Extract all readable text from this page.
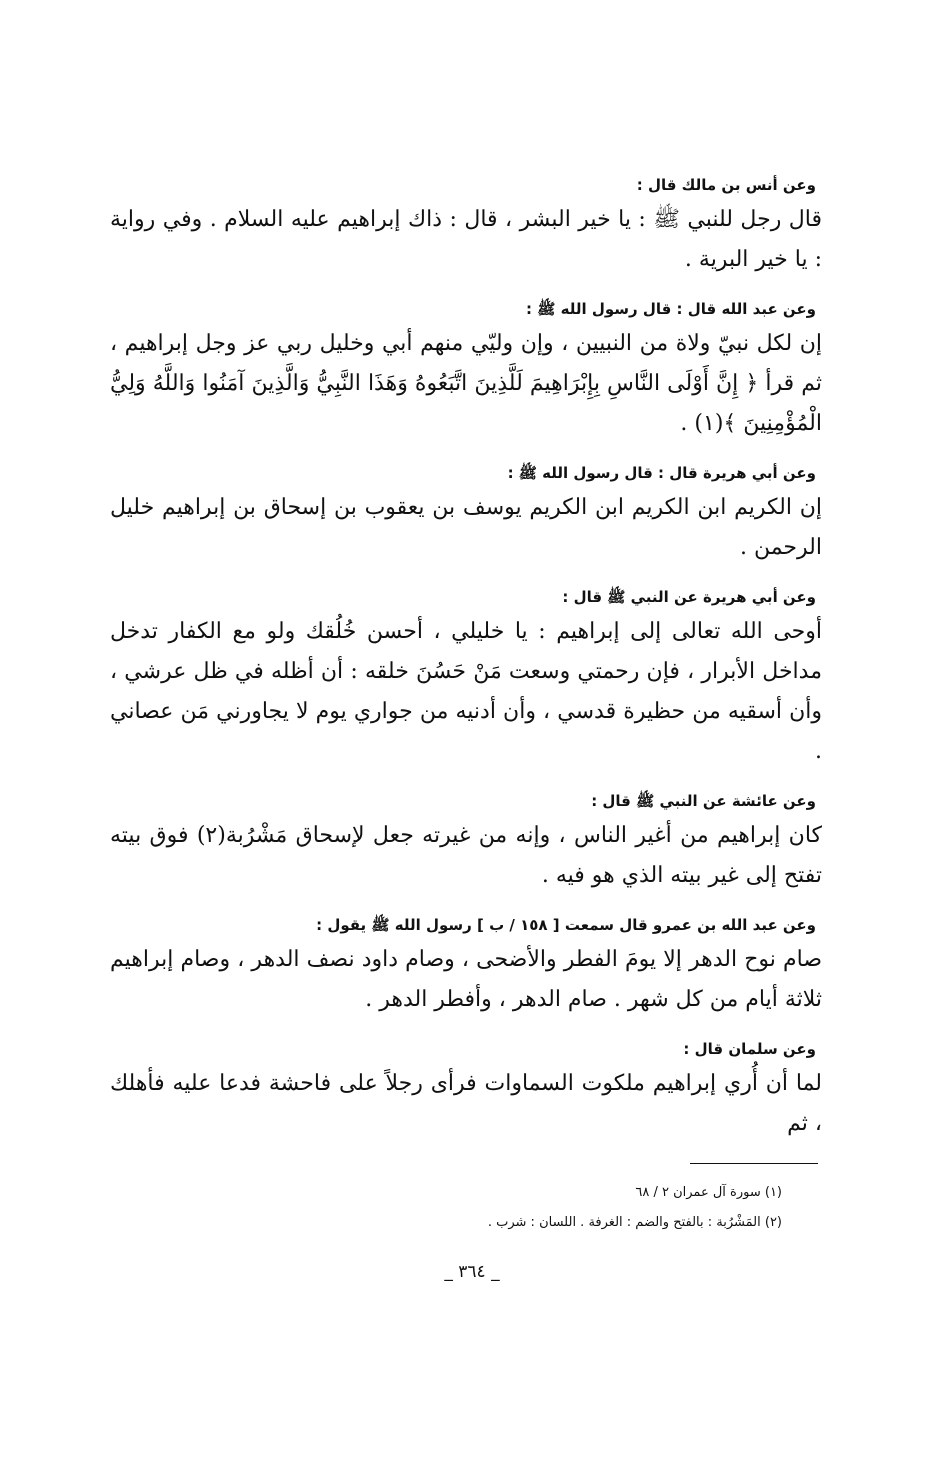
وعن أنس بن مالك قال :

قال رجل للنبي ﷺ : يا خير البشر ، قال : ذاك إبراهيم عليه السلام . وفي رواية : يا خير البرية .

وعن عبد الله قال : قال رسول الله ﷺ :

إن لكل نبيّ ولاة من النبيين ، وإن وليّي منهم أبي وخليل ربي عز وجل إبراهيم ، ثم قرأ ﴿ إِنَّ أَوْلَى النَّاسِ بِإِبْرَاهِيمَ لَلَّذِينَ اتَّبَعُوهُ وَهَذَا النَّبِيُّ وَالَّذِينَ آمَنُوا وَاللَّهُ وَلِيُّ الْمُؤْمِنِينَ ﴾(١) .

وعن أبي هريرة قال : قال رسول الله ﷺ :

إن الكريم ابن الكريم ابن الكريم يوسف بن يعقوب بن إسحاق بن إبراهيم خليل الرحمن .

وعن أبي هريرة عن النبي ﷺ قال :

أوحى الله تعالى إلى إبراهيم : يا خليلي ، أحسن خُلُقك ولو مع الكفار تدخل مداخل الأبرار ، فإن رحمتي وسعت مَنْ حَسُنَ خلقه : أن أظله في ظل عرشي ، وأن أسقيه من حظيرة قدسي ، وأن أدنيه من جواري يوم لا يجاورني مَن عصاني .

وعن عائشة عن النبي ﷺ قال :

كان إبراهيم من أغير الناس ، وإنه من غيرته جعل لإسحاق مَشْرُبة(٢) فوق بيته تفتح إلى غير بيته الذي هو فيه .

وعن عبد الله بن عمرو قال سمعت [ ١٥٨ / ب ] رسول الله ﷺ يقول :

صام نوح الدهر إلا يومَ الفطر والأضحى ، وصام داود نصف الدهر ، وصام إبراهيم ثلاثة أيام من كل شهر . صام الدهر ، وأفطر الدهر .

وعن سلمان قال :

لما أن أُري إبراهيم ملكوت السماوات فرأى رجلاً على فاحشة فدعا عليه فأهلك ، ثم

(١) سورة آل عمران ٢ / ٦٨
(٢) المَشْرُبة : بالفتح والضم : الغرفة . اللسان : شرب .
_ ٣٦٤ _
